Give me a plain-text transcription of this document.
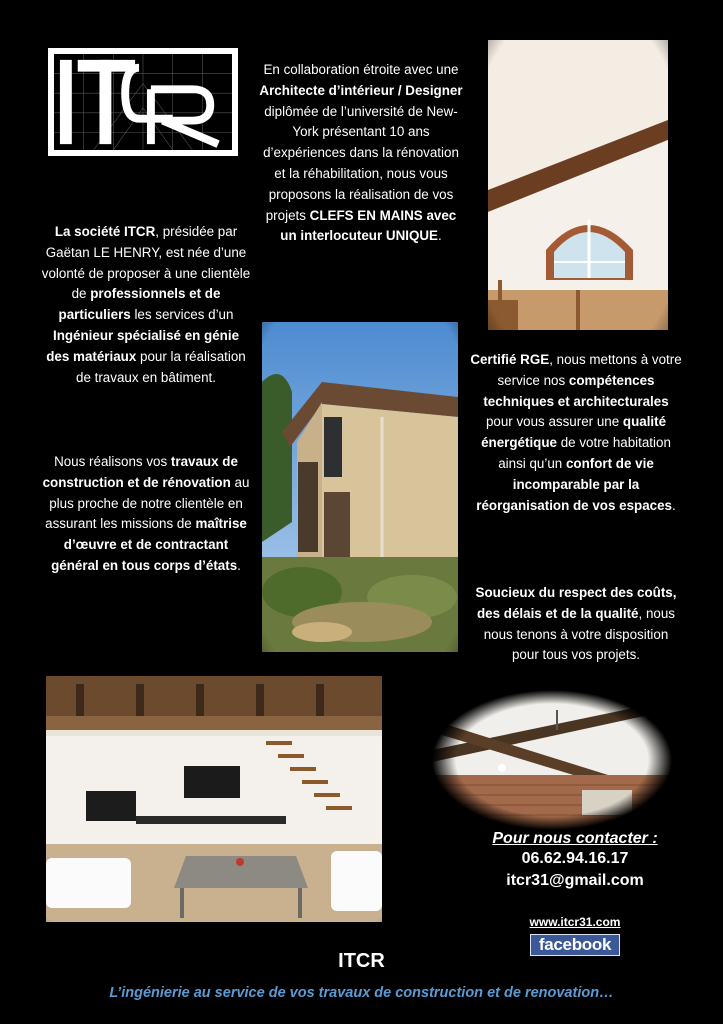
En collaboration étroite avec une Architecte d’intérieur / Designer diplômée de l’université de New-York présentant 10 ans d’expériences dans la rénovation et la réhabilitation, nous vous proposons la réalisation de vos projets CLEFS EN MAINS avec un interlocuteur UNIQUE.
La société ITCR, présidée par Gaëtan LE HENRY, est née d’une volonté de proposer à une clientèle de professionnels et de particuliers les services d’un Ingénieur spécialisé en génie des matériaux pour la réalisation de travaux en bâtiment.
Nous réalisons vos travaux de construction et de rénovation au plus proche de notre clientèle en assurant les missions de maîtrise d’œuvre et de contractant général en tous corps d’états.
Certifié RGE, nous mettons à votre service nos compétences techniques et architecturales pour vous assurer une qualité énergétique de votre habitation ainsi qu’un confort de vie incomparable par la réorganisation de vos espaces.
Soucieux du respect des coûts, des délais et de la qualité, nous nous tenons à votre disposition pour tous vos projets.
Pour nous contacter :
06.62.94.16.17
itcr31@gmail.com
www.itcr31.com
facebook
ITCR
L’ingénierie au service de vos travaux de construction et de renovation…
